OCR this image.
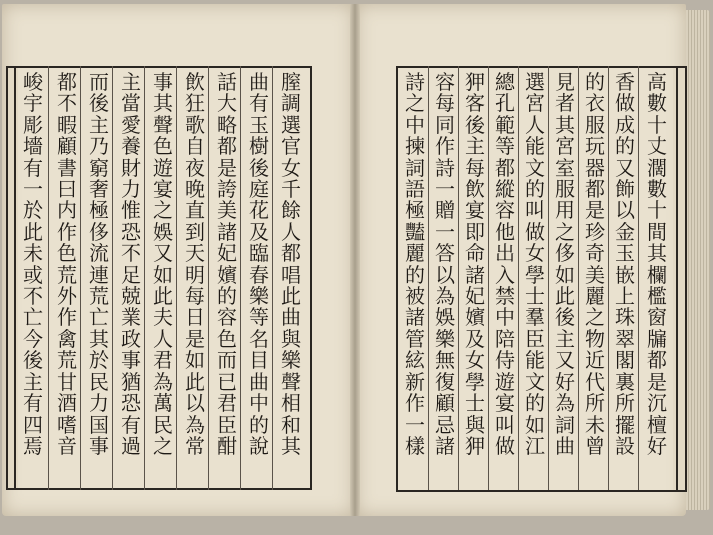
膣調選官女千餘人都唱此曲與樂聲相和其
曲有玉樹後庭花及臨春樂等名目曲中的說
話大略都是誇美諸妃嬪的容色而已君臣酣
飲狂歌自夜晚直到天明每日是如此以為常
事其聲色遊宴之娛又如此夫人君為萬民之
主當愛養財力惟恐不足兢業政事猶恐有過
而後主乃窮奢極侈流連荒亡其於民力国事
都不暇顧書曰内作色荒外作禽荒甘酒嗜音
峻宇彫墻有一於此未或不亡今後主有四焉
高數十丈濶數十間其欄檻窗牖都是沉檀好
香做成的又飾以金玉嵌上珠翠閣裏所擺設
的衣服玩器都是珍奇美麗之物近代所未曾
見者其宮室服用之侈如此後主又好為詞曲
選宮人能文的叫做女學士羣臣能文的如江
總孔範等都縱容他出入禁中陪侍遊宴叫做
狎客後主每飲宴即命諸妃嬪及女學士與狎
容每同作詩一贈一答以為娛樂無復顧忌諸
詩之中揀詞語極豔麗的被諸管絃新作一樣
